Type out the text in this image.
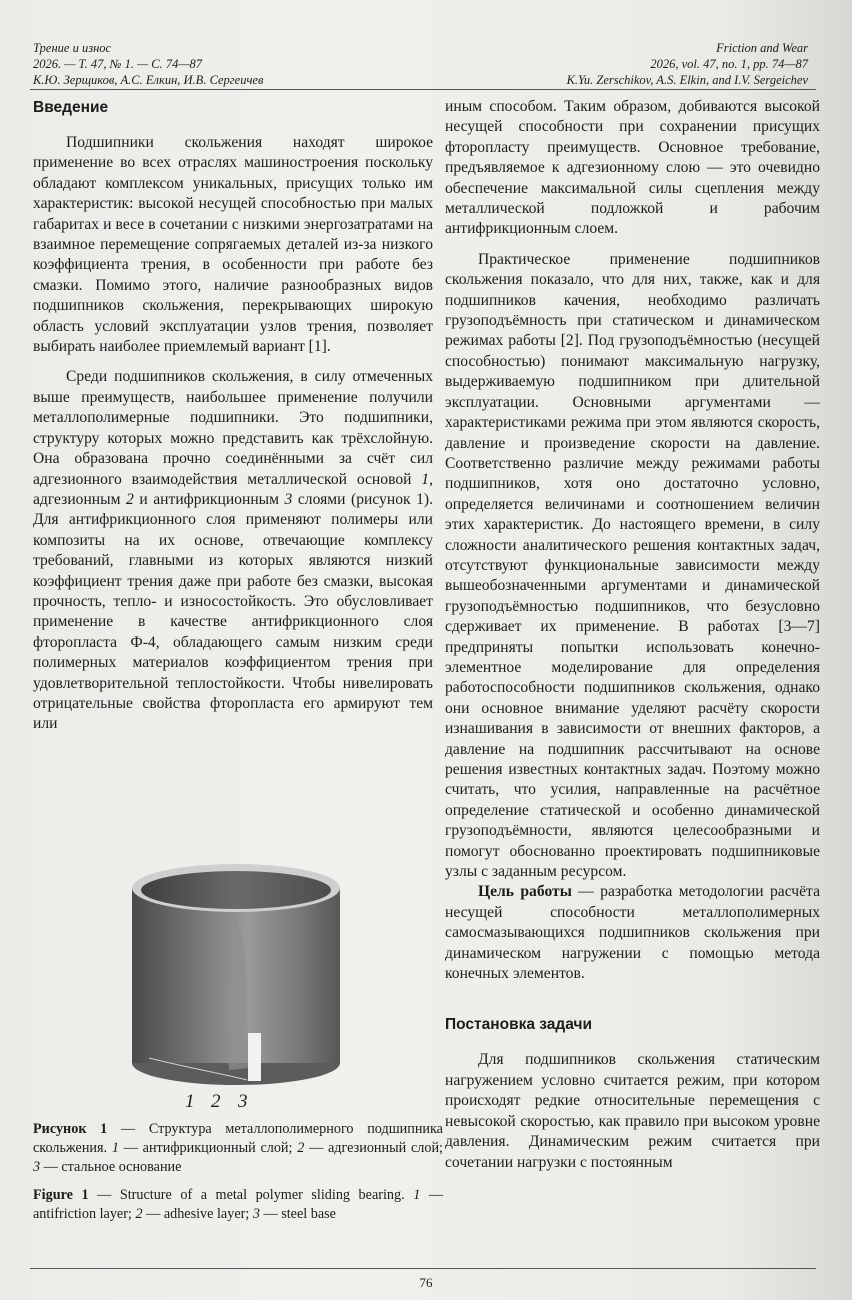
Трение и износ
2026. — Т. 47, № 1. — С. 74—87
К.Ю. Зерщиков, А.С. Елкин, И.В. Сергеичев
Friction and Wear
2026, vol. 47, no. 1, pp. 74—87
K.Yu. Zerschikov, A.S. Elkin, and I.V. Sergeichev
Введение

Подшипники скольжения находят широкое применение во всех отраслях машиностроения поскольку обладают комплексом уникальных, присущих только им характеристик: высокой несущей способностью при малых габаритах и весе в сочетании с низкими энергозатратами на взаимное перемещение сопрягаемых деталей из-за низкого коэффициента трения, в особенности при работе без смазки. Помимо этого, наличие разнообразных видов подшипников скольжения, перекрывающих широкую область условий эксплуатации узлов трения, позволяет выбирать наиболее приемлемый вариант [1].

Среди подшипников скольжения, в силу отмеченных выше преимуществ, наибольшее применение получили металлополимерные подшипники. Это подшипники, структуру которых можно представить как трёхслойную. Она образована прочно соединёнными за счёт сил адгезионного взаимодействия металлической основой 1, адгезионным 2 и антифрикционным 3 слоями (рисунок 1). Для антифрикционного слоя применяют полимеры или композиты на их основе, отвечающие комплексу требований, главными из которых являются низкий коэффициент трения даже при работе без смазки, высокая прочность, тепло- и износостойкость. Это обусловливает применение в качестве антифрикционного слоя фторопласта Ф-4, обладающего самым низким среди полимерных материалов коэффициентом трения при удовлетворительной теплостойкости. Чтобы нивелировать отрицательные свойства фторопласта его армируют тем или

1 2 3
Рисунок 1 — Структура металлополимерного подшипника скольжения. 1 — антифрикционный слой; 2 — адгезионный слой; 3 — стальное основание
Figure 1 — Structure of a metal polymer sliding bearing. 1 — antifriction layer; 2 — adhesive layer; 3 — steel base

иным способом. Таким образом, добиваются высокой несущей способности при сохранении присущих фторопласту преимуществ. Основное требование, предъявляемое к адгезионному слою — это очевидно обеспечение максимальной силы сцепления между металлической подложкой и рабочим антифрикционным слоем.

Практическое применение подшипников скольжения показало, что для них, также, как и для подшипников качения, необходимо различать грузоподъёмность при статическом и динамическом режимах работы [2]. Под грузоподъёмностью (несущей способностью) понимают максимальную нагрузку, выдерживаемую подшипником при длительной эксплуатации. Основными аргументами — характеристиками режима при этом являются скорость, давление и произведение скорости на давление. Соответственно различие между режимами работы подшипников, хотя оно достаточно условно, определяется величинами и соотношением величин этих характеристик. До настоящего времени, в силу сложности аналитического решения контактных задач, отсутствуют функциональные зависимости между вышеобозначенными аргументами и динамической грузоподъёмностью подшипников, что безусловно сдерживает их применение. В работах [3—7] предприняты попытки использовать конечно-элементное моделирование для определения работоспособности подшипников скольжения, однако они основное внимание уделяют расчёту скорости изнашивания в зависимости от внешних факторов, а давление на подшипник рассчитывают на основе решения известных контактных задач. Поэтому можно считать, что усилия, направленные на расчётное определение статической и особенно динамической грузоподъёмности, являются целесообразными и помогут обоснованно проектировать подшипниковые узлы с заданным ресурсом.

Цель работы — разработка методологии расчёта несущей способности металлополимерных самосмазывающихся подшипников скольжения при динамическом нагружении с помощью метода конечных элементов.

Постановка задачи

Для подшипников скольжения статическим нагружением условно считается режим, при котором происходят редкие относительные перемещения с невысокой скоростью, как правило при высоком уровне давления. Динамическим режим считается при сочетании нагрузки с постоянным

76
